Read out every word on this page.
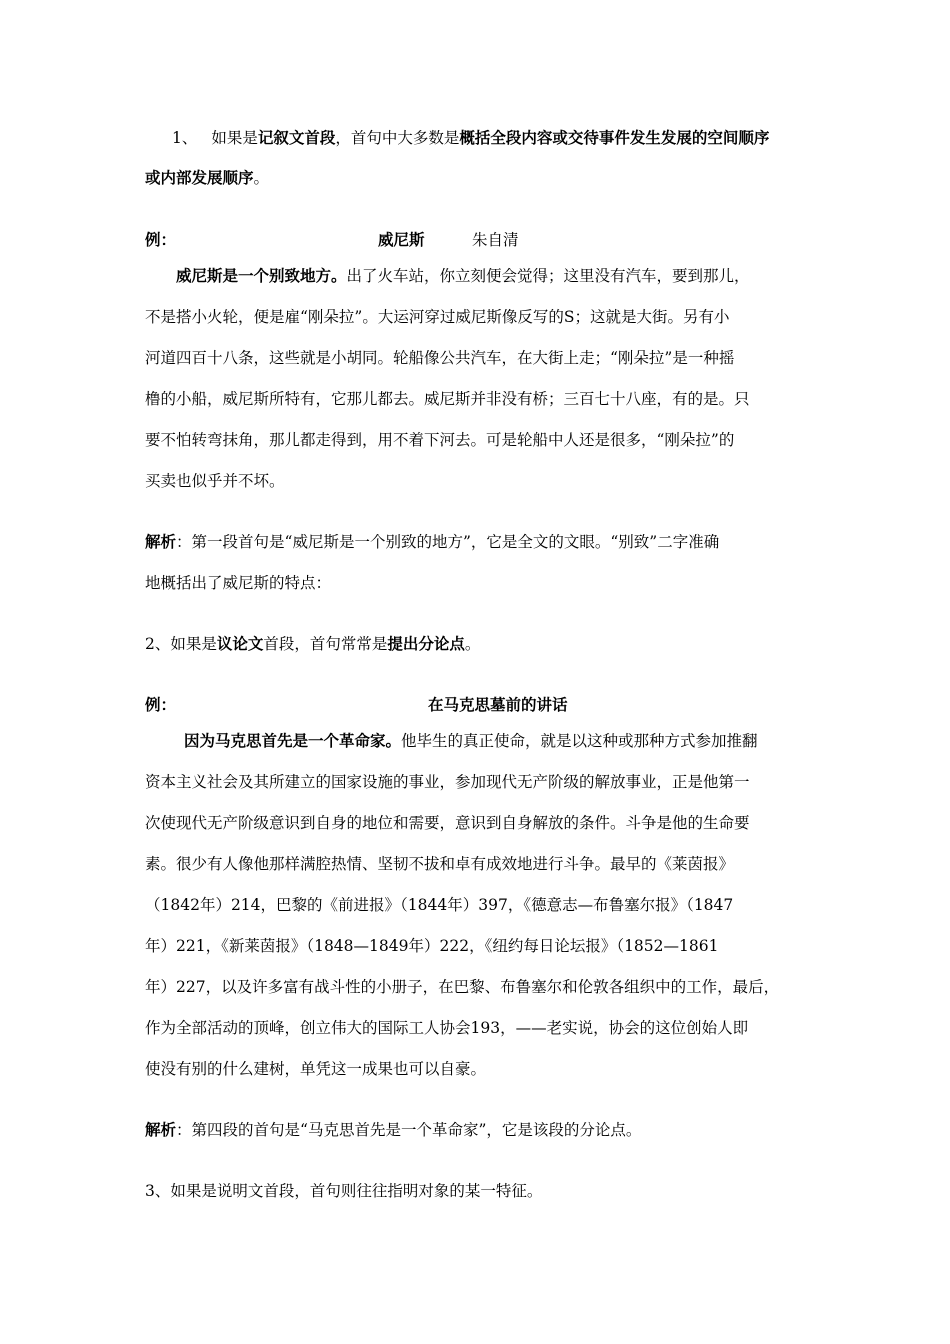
1、 如果是记叙文首段，首句中大多数是概括全段内容或交待事件发生发展的空间顺序
或内部发展顺序。
例：	威尼斯	朱自清
威尼斯是一个别致地方。出了火车站，你立刻便会觉得；这里没有汽车，要到那儿，
不是搭小火轮，便是雇“刚朵拉”。大运河穿过威尼斯像反写的S；这就是大街。另有小
河道四百十八条，这些就是小胡同。轮船像公共汽车，在大街上走；“刚朵拉”是一种摇
橹的小船，威尼斯所特有，它那儿都去。威尼斯并非没有桥；三百七十八座，有的是。只
要不怕转弯抹角，那儿都走得到，用不着下河去。可是轮船中人还是很多，“刚朵拉”的
买卖也似乎并不坏。
解析：第一段首句是“威尼斯是一个别致的地方”，它是全文的文眼。“别致”二字准确
地概括出了威尼斯的特点：
2、如果是议论文首段，首句常常是提出分论点。
例：	在马克思墓前的讲话
因为马克思首先是一个革命家。他毕生的真正使命，就是以这种或那种方式参加推翻
资本主义社会及其所建立的国家设施的事业，参加现代无产阶级的解放事业，正是他第一
次使现代无产阶级意识到自身的地位和需要，意识到自身解放的条件。斗争是他的生命要
素。很少有人像他那样满腔热情、坚韧不拔和卓有成效地进行斗争。最早的《莱茵报》
（1842年）214，巴黎的《前进报》（1844年）397，《德意志—布鲁塞尔报》（1847
年）221，《新莱茵报》（1848—1849年）222，《纽约每日论坛报》（1852—1861
年）227，以及许多富有战斗性的小册子，在巴黎、布鲁塞尔和伦敦各组织中的工作，最后，
作为全部活动的顶峰，创立伟大的国际工人协会193，——老实说，协会的这位创始人即
使没有别的什么建树，单凭这一成果也可以自豪。
解析：第四段的首句是“马克思首先是一个革命家”，它是该段的分论点。
3、如果是说明文首段，首句则往往指明对象的某一特征。
